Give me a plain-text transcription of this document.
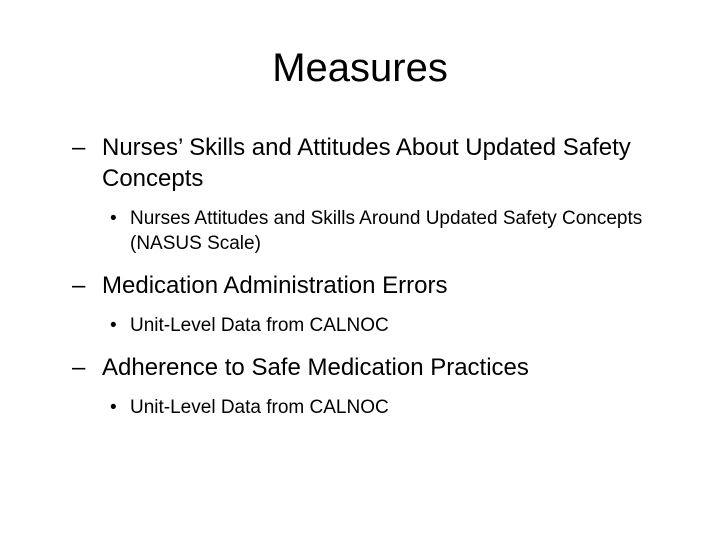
Measures
– Nurses’ Skills and Attitudes About Updated Safety Concepts
• Nurses Attitudes and Skills Around Updated Safety Concepts (NASUS Scale)
– Medication Administration Errors
• Unit-Level Data from CALNOC
– Adherence to Safe Medication Practices
• Unit-Level Data from CALNOC
